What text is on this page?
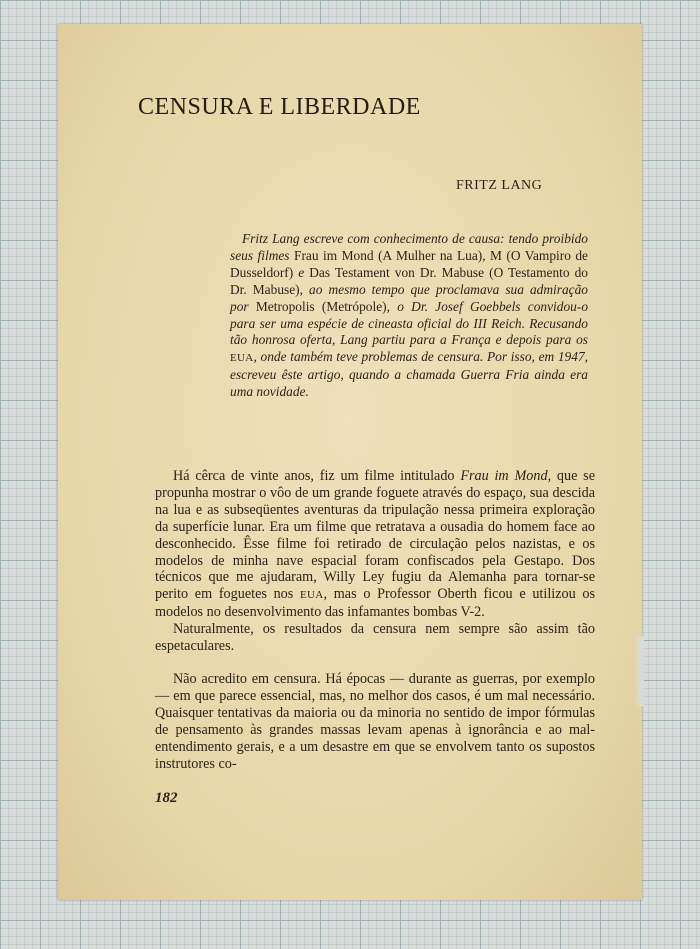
CENSURA E LIBERDADE
FRITZ LANG

Fritz Lang escreve com conhecimento de causa: tendo proibido seus filmes Frau im Mond (A Mulher na Lua), M (O Vampiro de Dusseldorf) e Das Testament von Dr. Mabuse (O Testamento do Dr. Mabuse), ao mesmo tempo que proclamava sua admiração por Metropolis (Metrópole), o Dr. Josef Goebbels convidou-o para ser uma espécie de cineasta oficial do III Reich. Recusando tão honrosa oferta, Lang partiu para a França e depois para os EUA, onde também teve problemas de censura. Por isso, em 1947, escreveu êste artigo, quando a chamada Guerra Fria ainda era uma novidade.

Há cêrca de vinte anos, fiz um filme intitulado Frau im Mond, que se propunha mostrar o vôo de um grande foguete através do espaço, sua descida na lua e as subseqüentes aventuras da tripulação nessa primeira exploração da superfície lunar. Era um filme que retratava a ousadia do homem face ao desconhecido. Êsse filme foi retirado de circulação pelos nazistas, e os modelos de minha nave espacial foram confiscados pela Gestapo. Dos técnicos que me ajudaram, Willy Ley fugiu da Alemanha para tornar-se perito em foguetes nos EUA, mas o Professor Oberth ficou e utilizou os modelos no desenvolvimento das infamantes bombas V-2.

Naturalmente, os resultados da censura nem sempre são assim tão espetaculares.

Não acredito em censura. Há épocas — durante as guerras, por exemplo — em que parece essencial, mas, no melhor dos casos, é um mal necessário. Quaisquer tentativas da maioria ou da minoria no sentido de impor fórmulas de pensamento às grandes massas levam apenas à ignorância e ao mal-entendimento gerais, e a um desastre em que se envolvem tanto os supostos instrutores co-

182
